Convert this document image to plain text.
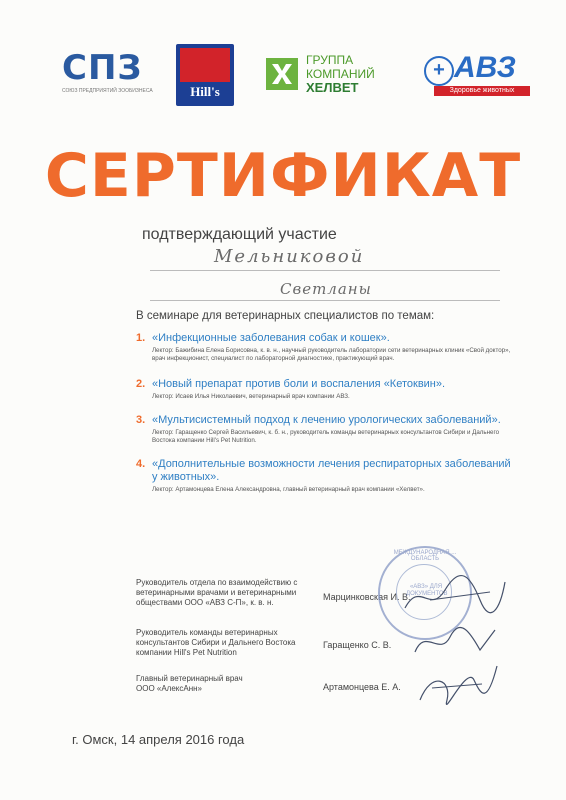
СПЗ
СОЮЗ ПРЕДПРИЯТИЙ ЗООБИЗНЕСА	Hill's
ГРУППА
КОМПАНИЙ
ХЕЛВЕТ
+ АВЗ
Здоровье животных
СЕРТИФИКАТ
подтверждающий участие
Мельниковой
Светланы
В семинаре для ветеринарных специалистов по темам:
1. «Инфекционные заболевания собак и кошек».
Лектор: Бажибина Елена Борисовна, к. в. н., научный руководитель лаборатории сети ветеринарных клиник «Свой доктор», врач инфекционист, специалист по лабораторной диагностике, практикующий врач.
2. «Новый препарат против боли и воспаления «Кетоквин».
Лектор: Исаев Илья Николаевич, ветеринарный врач компании АВЗ.
3. «Мультисистемный подход к лечению урологических заболеваний».
Лектор: Гаращенко Сергей Васильевич, к. б. н., руководитель команды ветеринарных консультантов Сибири и Дальнего Востока компании Hill's Pet Nutrition.
4. «Дополнительные возможности лечения респираторных заболеваний у животных».
Лектор: Артамонцева Елена Александровна, главный ветеринарный врач компании «Хелвет».
Руководитель отдела по взаимодействию с ветеринарными врачами и ветеринарными обществами ООО «АВЗ С-П», к. в. н.
Марцинковская И. В.
Руководитель команды ветеринарных консультантов Сибири и Дальнего Востока компании Hill's Pet Nutrition
Гаращенко С. В.
Главный ветеринарный врач ООО «АлексАнн»	Артамонцева Е. А.
МЕЖДУНАРОДНАЯ ... ОБЛАСТЬ
«АВЗ» ДЛЯ ДОКУМЕНТОВ
г. Омск, 14 апреля 2016 года
